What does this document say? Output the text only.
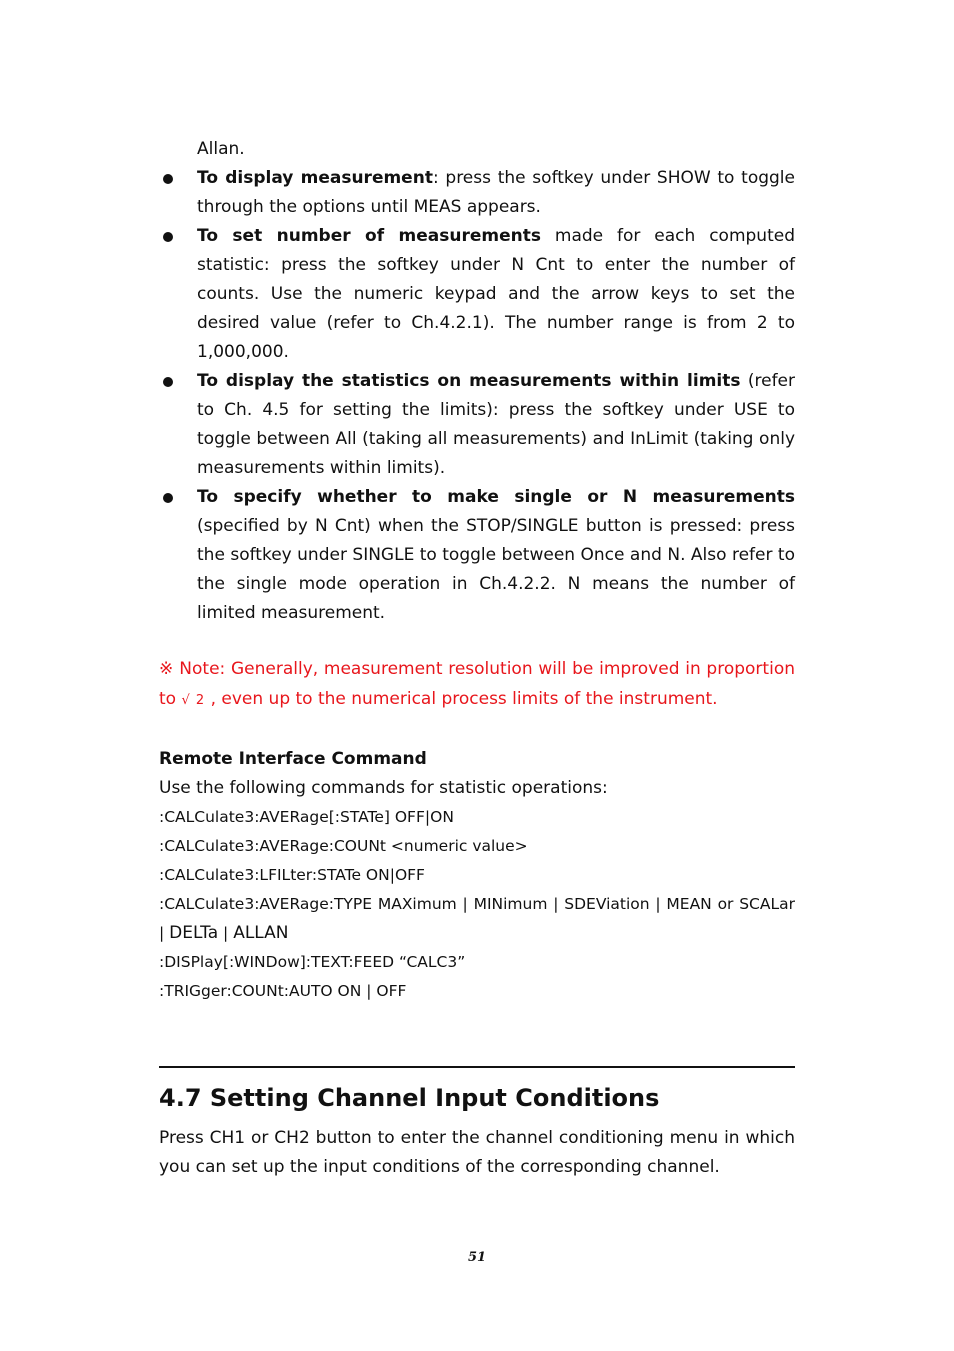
Allan.

To display measurement: press the softkey under SHOW to toggle through the options until MEAS appears.

To set number of measurements made for each computed statistic: press the softkey under N Cnt to enter the number of counts. Use the numeric keypad and the arrow keys to set the desired value (refer to Ch.4.2.1). The number range is from 2 to 1,000,000.

To display the statistics on measurements within limits (refer to Ch. 4.5 for setting the limits): press the softkey under USE to toggle between All (taking all measurements) and InLimit (taking only measurements within limits).

To specify whether to make single or N measurements (specified by N Cnt) when the STOP/SINGLE button is pressed: press the softkey under SINGLE to toggle between Once and N. Also refer to the single mode operation in Ch.4.2.2. N means the number of limited measurement.

※ Note: Generally, measurement resolution will be improved in proportion to √ 2 , even up to the numerical process limits of the instrument.

Remote Interface Command

Use the following commands for statistic operations:

:CALCulate3:AVERage[:STATe] OFF|ON

:CALCulate3:AVERage:COUNt <numeric value>

:CALCulate3:LFILter:STATe ON|OFF

:CALCulate3:AVERage:TYPE MAXimum | MINimum | SDEViation | MEAN or SCALar | DELTa | ALLAN

:DISPlay[:WINDow]:TEXT:FEED “CALC3”

:TRIGger:COUNt:AUTO ON | OFF

4.7 Setting Channel Input Conditions

Press CH1 or CH2 button to enter the channel conditioning menu in which you can set up the input conditions of the corresponding channel.

51
